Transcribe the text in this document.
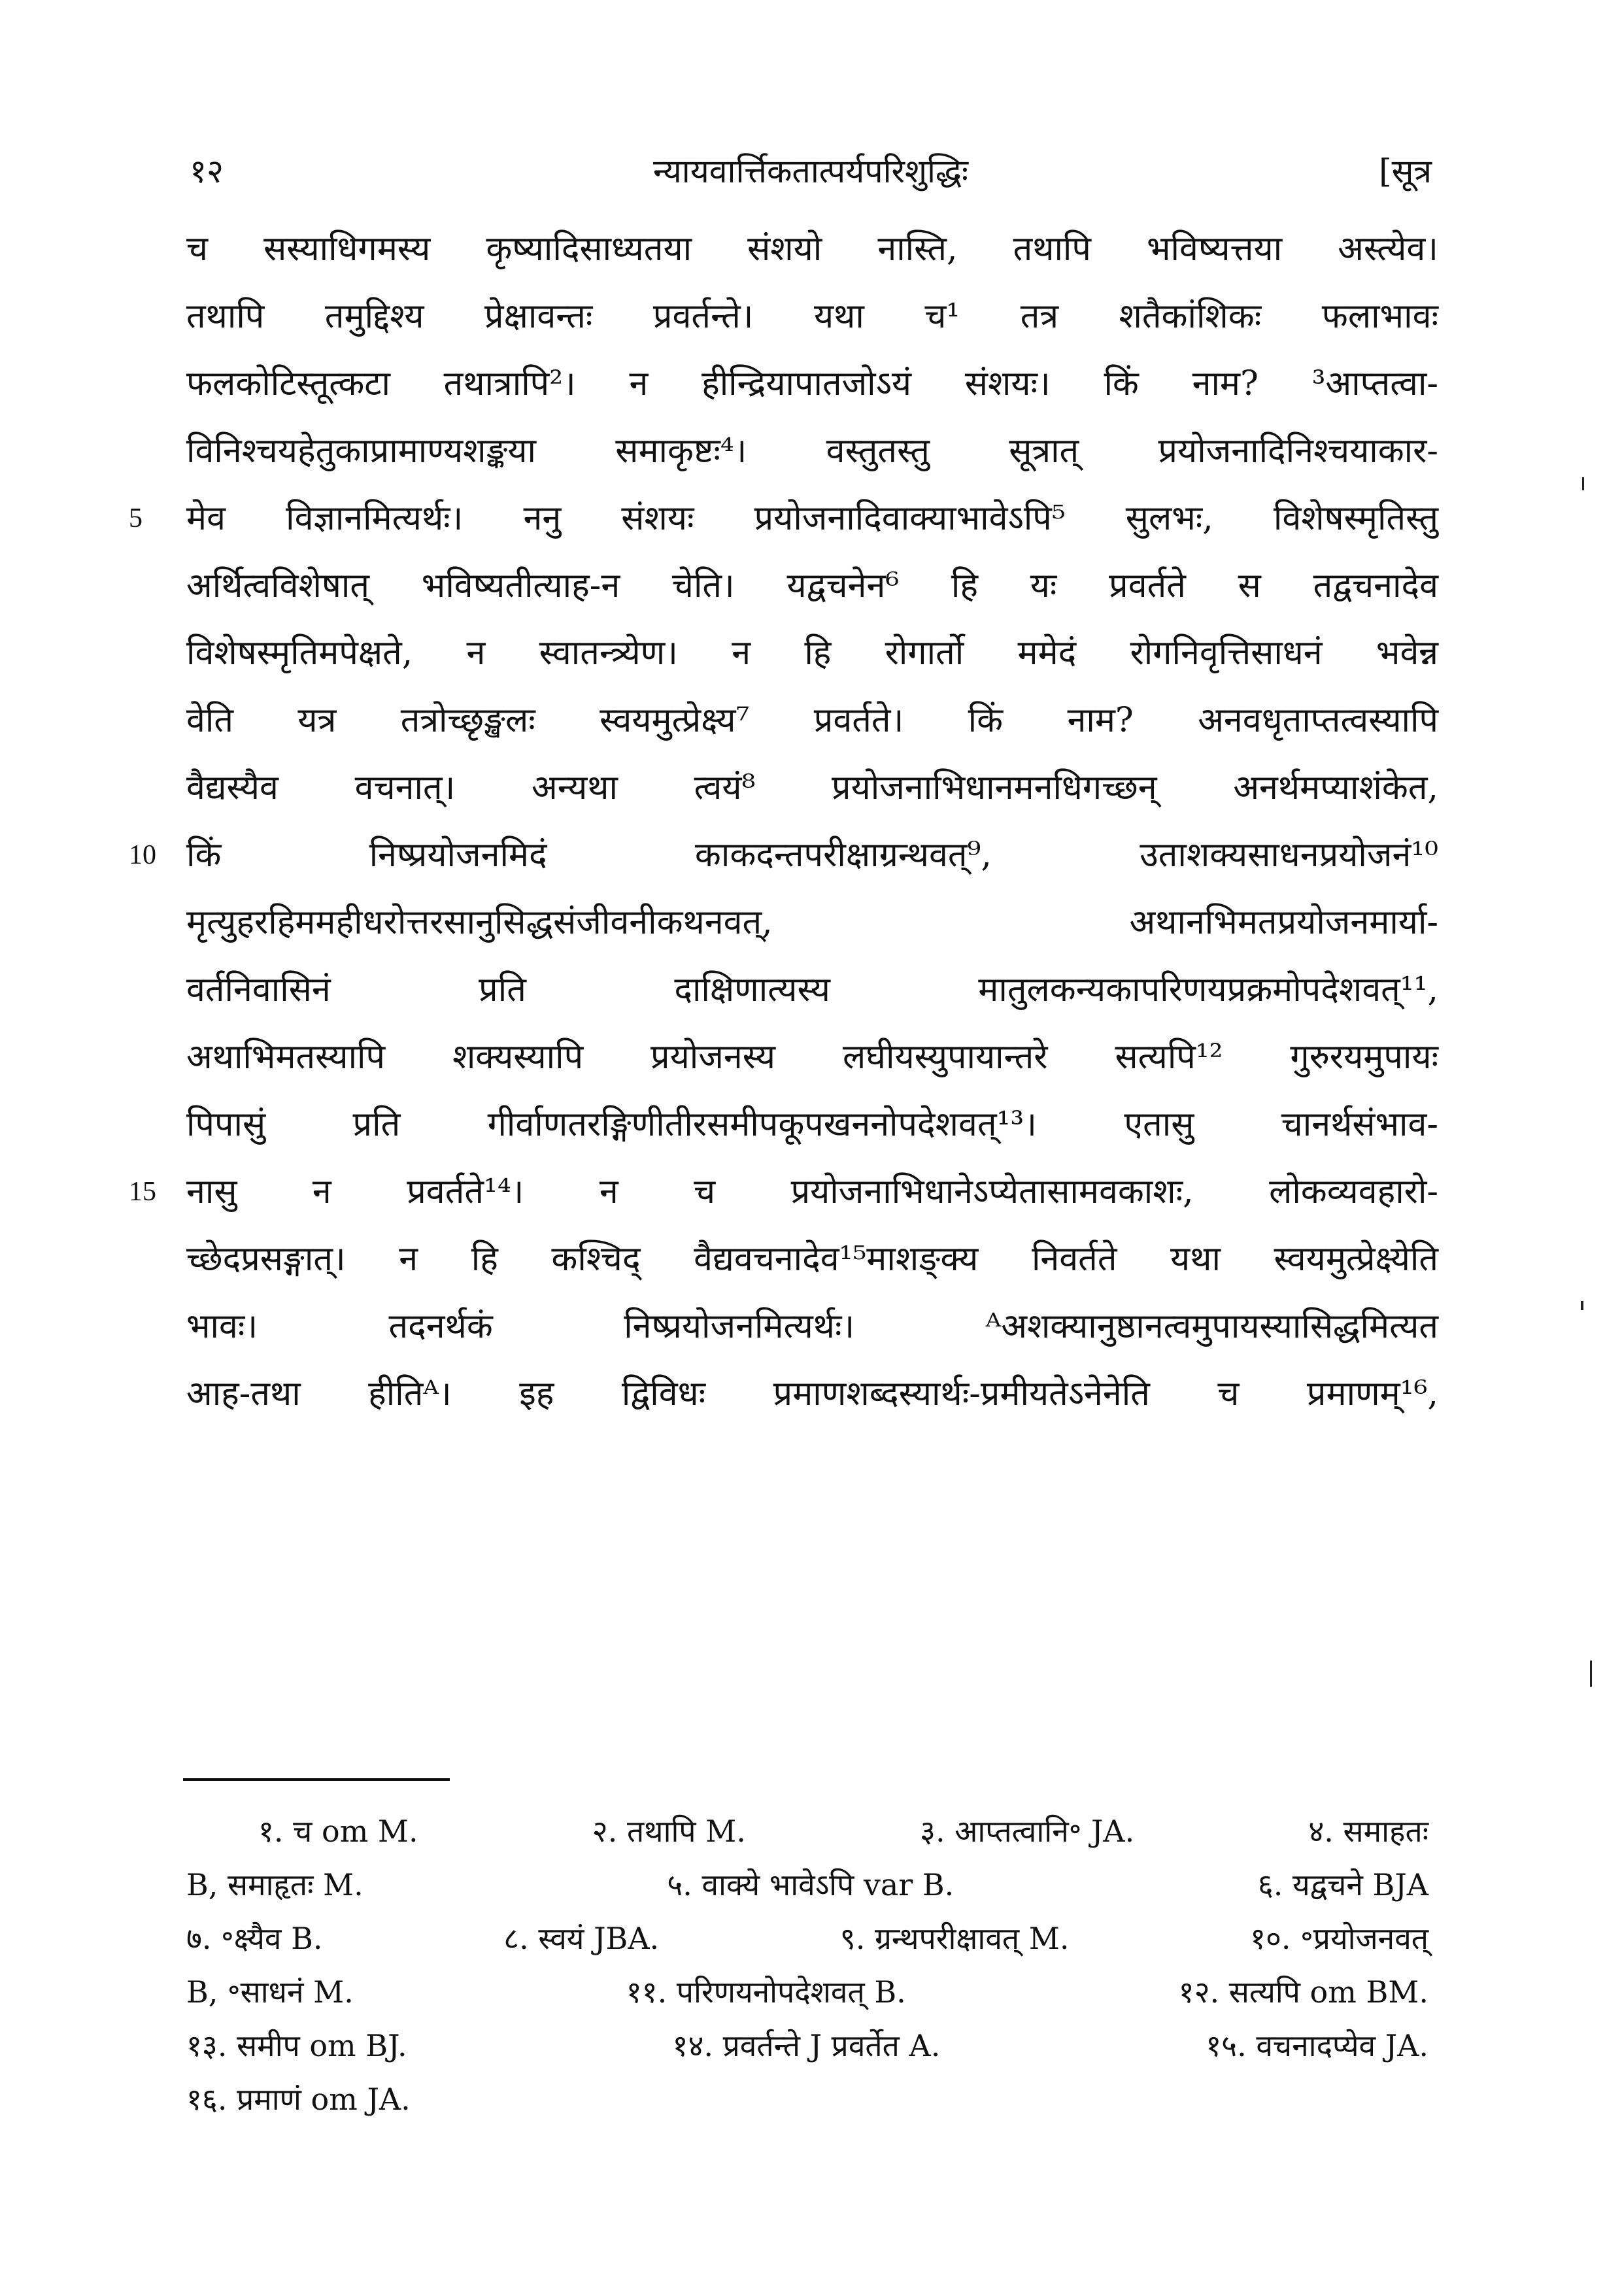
१२	न्यायवार्त्तिकतात्पर्यपरिशुद्धिः	[सूत्र
च सस्याधिगमस्य कृष्यादिसाध्यतया संशयो नास्ति, तथापि भविष्यत्तया अस्त्येव।
तथापि तमुद्दिश्य प्रेक्षावन्तः प्रवर्तन्ते। यथा च¹ तत्र शतैकांशिकः फलाभावः
फलकोटिस्तूत्कटा तथात्रापि²। न हीन्द्रियापातजोऽयं संशयः। किं नाम? ³आप्तत्वा-
विनिश्चयहेतुकाप्रामाण्यशङ्कया समाकृष्टः⁴। वस्तुतस्तु सूत्रात् प्रयोजनादिनिश्चयाकार-
5 मेव विज्ञानमित्यर्थः। ननु संशयः प्रयोजनादिवाक्याभावेऽपि⁵ सुलभः, विशेषस्मृतिस्तु
अर्थित्वविशेषात् भविष्यतीत्याह-न चेति। यद्वचनेन⁶ हि यः प्रवर्तते स तद्वचनादेव
विशेषस्मृतिमपेक्षते, न स्वातन्त्र्येण। न हि रोगार्तो ममेदं रोगनिवृत्तिसाधनं भवेन्न
वेति यत्र तत्रोच्छृङ्खलः स्वयमुत्प्रेक्ष्य⁷ प्रवर्तते। किं नाम? अनवधृताप्तत्वस्यापि
वैद्यस्यैव वचनात्। अन्यथा त्वयं⁸ प्रयोजनाभिधानमनधिगच्छन् अनर्थमप्याशंकेत,
10 किं निष्प्रयोजनमिदं काकदन्तपरीक्षाग्रन्थवत्⁹, उताशक्यसाधनप्रयोजनं¹⁰
मृत्युहरहिममहीधरोत्तरसानुसिद्धसंजीवनीकथनवत्, अथानभिमतप्रयोजनमार्या-
वर्तनिवासिनं प्रति दाक्षिणात्यस्य मातुलकन्यकापरिणयप्रक्रमोपदेशवत्¹¹,
अथाभिमतस्यापि शक्यस्यापि प्रयोजनस्य लघीयस्युपायान्तरे सत्यपि¹² गुरुरयमुपायः
पिपासुं प्रति गीर्वाणतरङ्गिणीतीरसमीपकूपखननोपदेशवत्¹³। एतासु चानर्थसंभाव-
15 नासु न प्रवर्तते¹⁴। न च प्रयोजनाभिधानेऽप्येतासामवकाशः, लोकव्यवहारो-
च्छेदप्रसङ्गात्। न हि कश्चिद् वैद्यवचनादेव¹⁵माशङ्क्य निवर्तते यथा स्वयमुत्प्रेक्ष्येति
भावः। तदनर्थकं निष्प्रयोजनमित्यर्थः। ᴬअशक्यानुष्ठानत्वमुपायस्यासिद्धमित्यत
आह-तथा हीतिᴬ। इह द्विविधः प्रमाणशब्दस्यार्थः-प्रमीयतेऽनेनेति च प्रमाणम्¹⁶,
१. च om M.	२. तथापि M.	३. आप्तत्वानि॰ JA.	४. समाहतः
B, समाहृतः M.	५. वाक्ये भावेऽपि var B.	६. यद्वचने BJA
७. ॰क्ष्यैव B.	८. स्वयं JBA.	९. ग्रन्थपरीक्षावत् M.	१०. ॰प्रयोजनवत्
B, ॰साधनं M.	११. परिणयनोपदेशवत् B.	१२. सत्यपि om BM.
१३. समीप om BJ.	१४. प्रवर्तन्ते J प्रवर्तेत A.	१५. वचनादप्येव JA.
१६. प्रमाणं om JA.
